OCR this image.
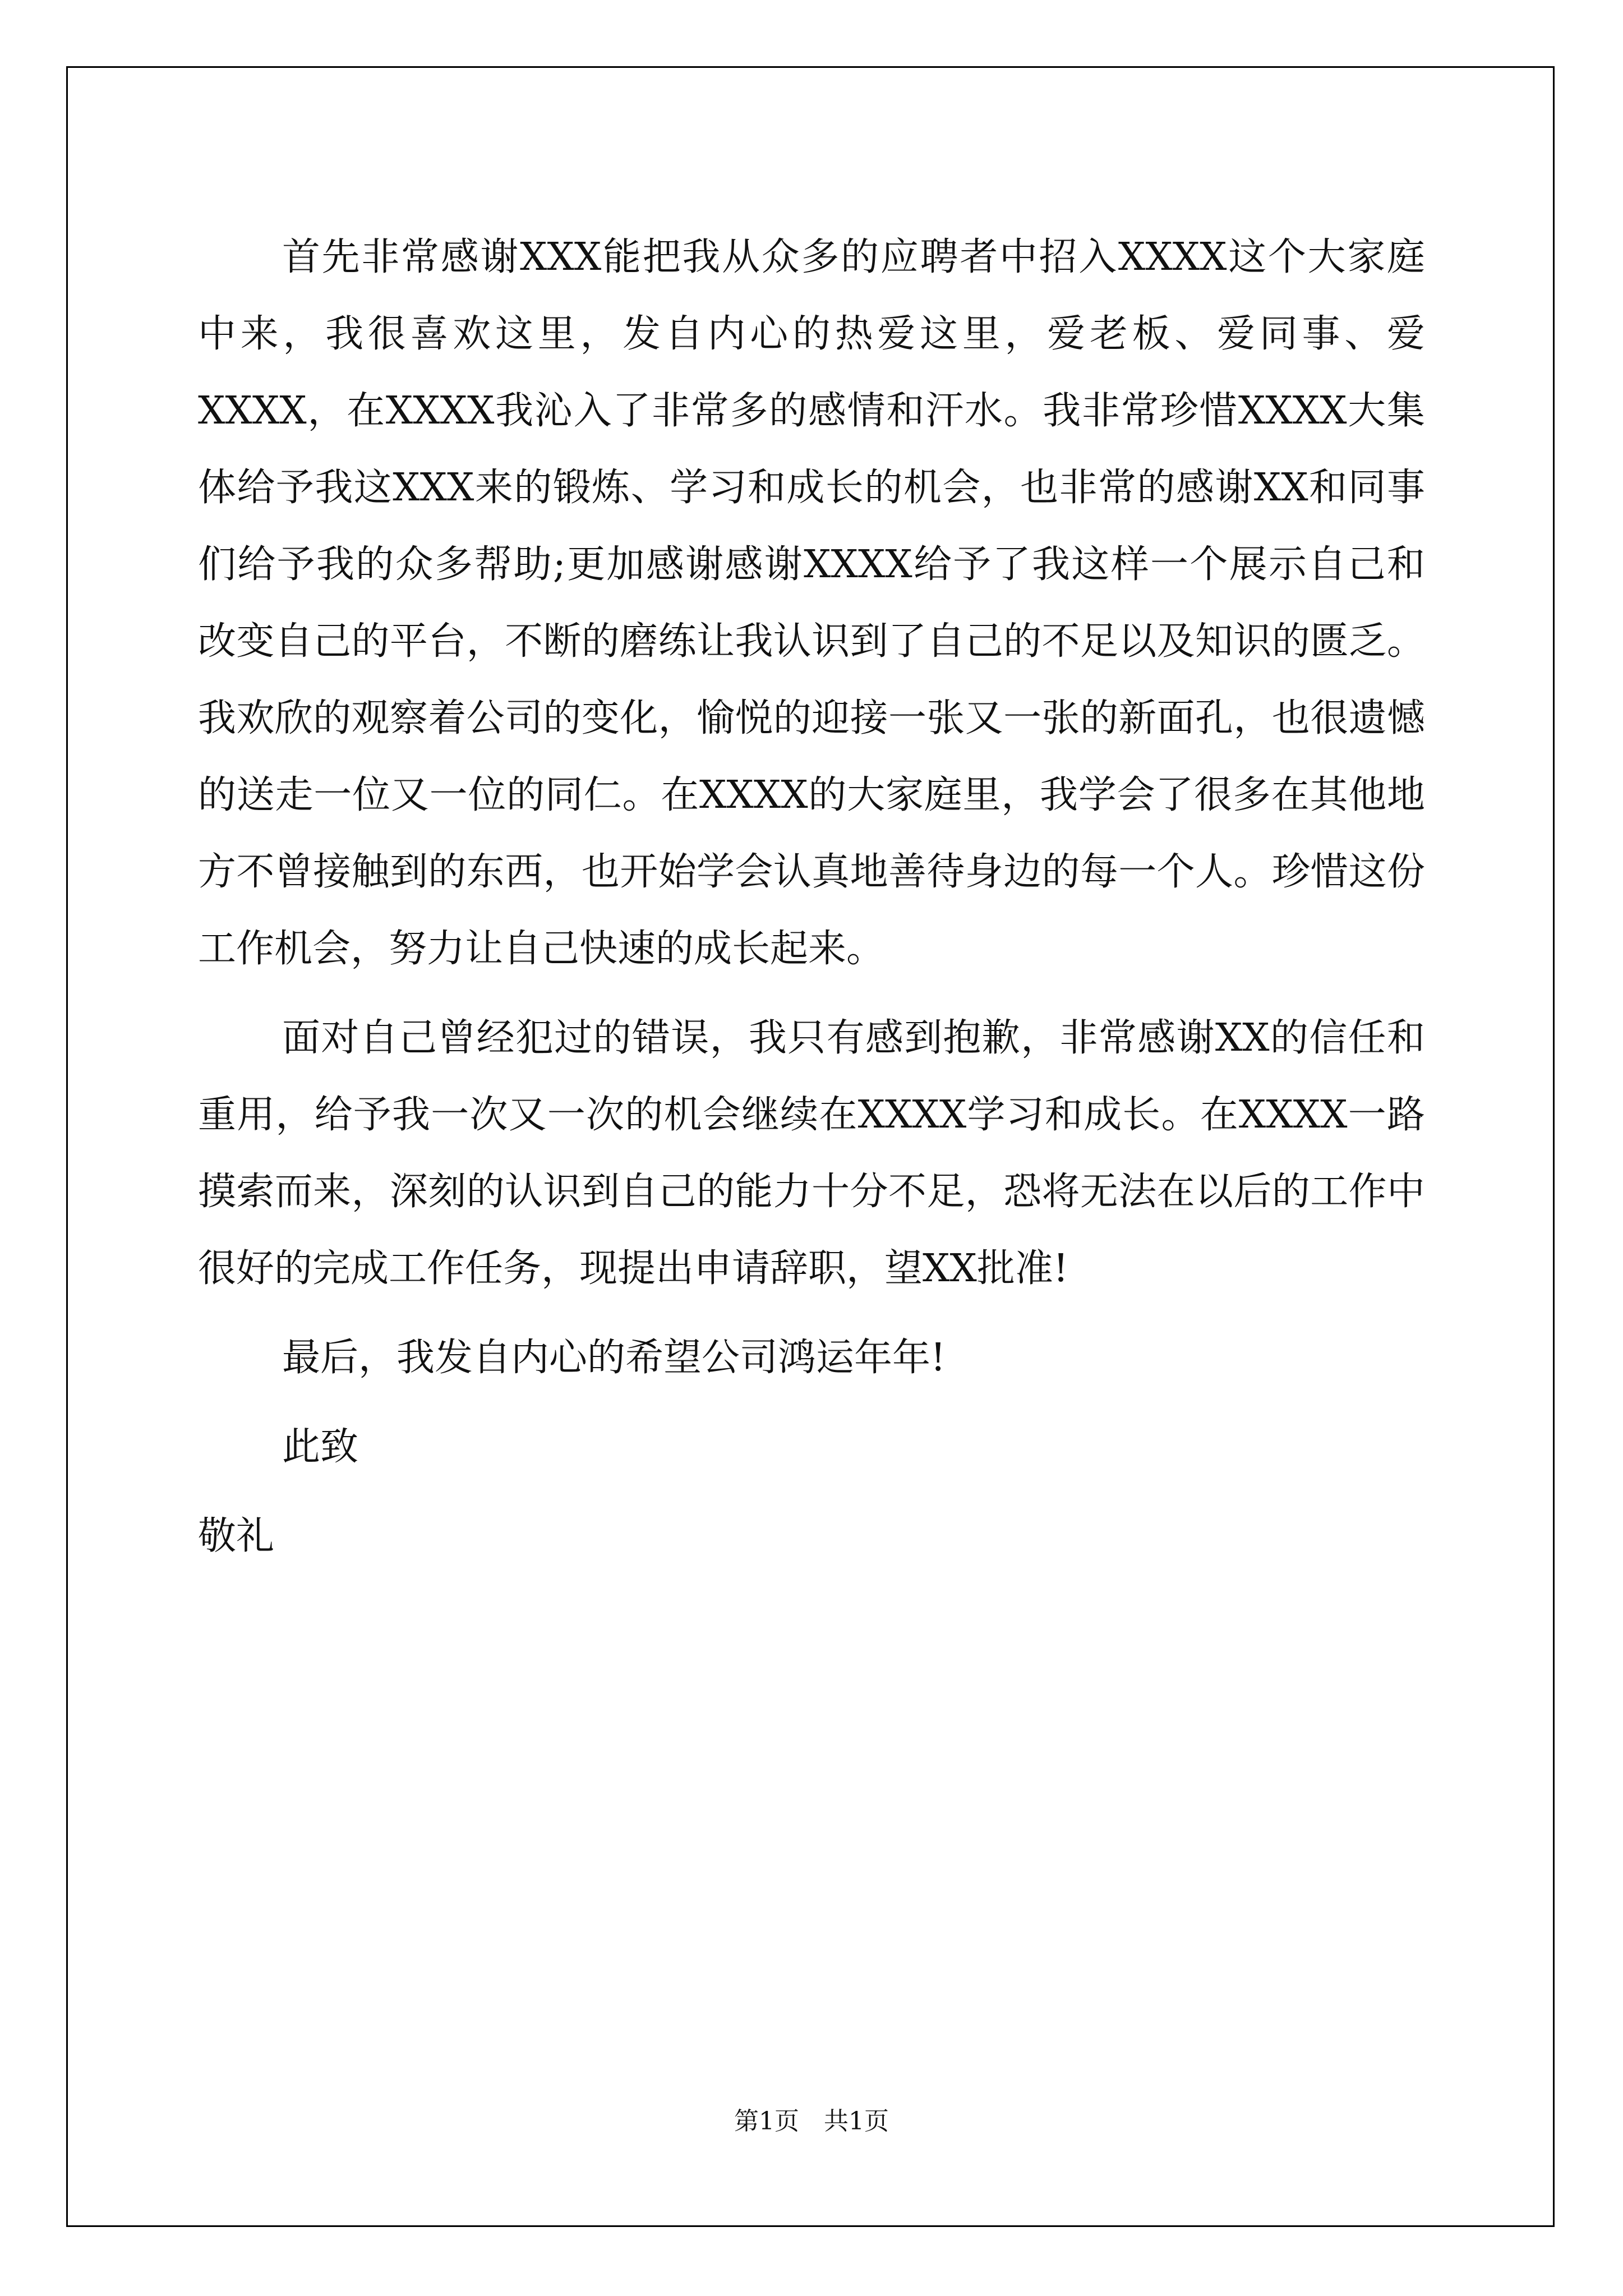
首先非常感谢XXX能把我从众多的应聘者中招入XXXX这个大家庭中来，我很喜欢这里，发自内心的热爱这里，爱老板、爱同事、爱XXXX，在XXXX我沁入了非常多的感情和汗水。我非常珍惜XXXX大集体给予我这XXX来的锻炼、学习和成长的机会，也非常的感谢XX和同事们给予我的众多帮助;更加感谢感谢XXXX给予了我这样一个展示自己和改变自己的平台，不断的磨练让我认识到了自己的不足以及知识的匮乏。我欢欣的观察着公司的变化，愉悦的迎接一张又一张的新面孔，也很遗憾的送走一位又一位的同仁。在XXXX的大家庭里，我学会了很多在其他地方不曾接触到的东西，也开始学会认真地善待身边的每一个人。珍惜这份工作机会，努力让自己快速的成长起来。

面对自己曾经犯过的错误，我只有感到抱歉，非常感谢XX的信任和重用，给予我一次又一次的机会继续在XXXX学习和成长。在XXXX一路摸索而来，深刻的认识到自己的能力十分不足，恐将无法在以后的工作中很好的完成工作任务，现提出申请辞职，望XX批准!

最后，我发自内心的希望公司鸿运年年!

此致

敬礼

第1页　共1页
